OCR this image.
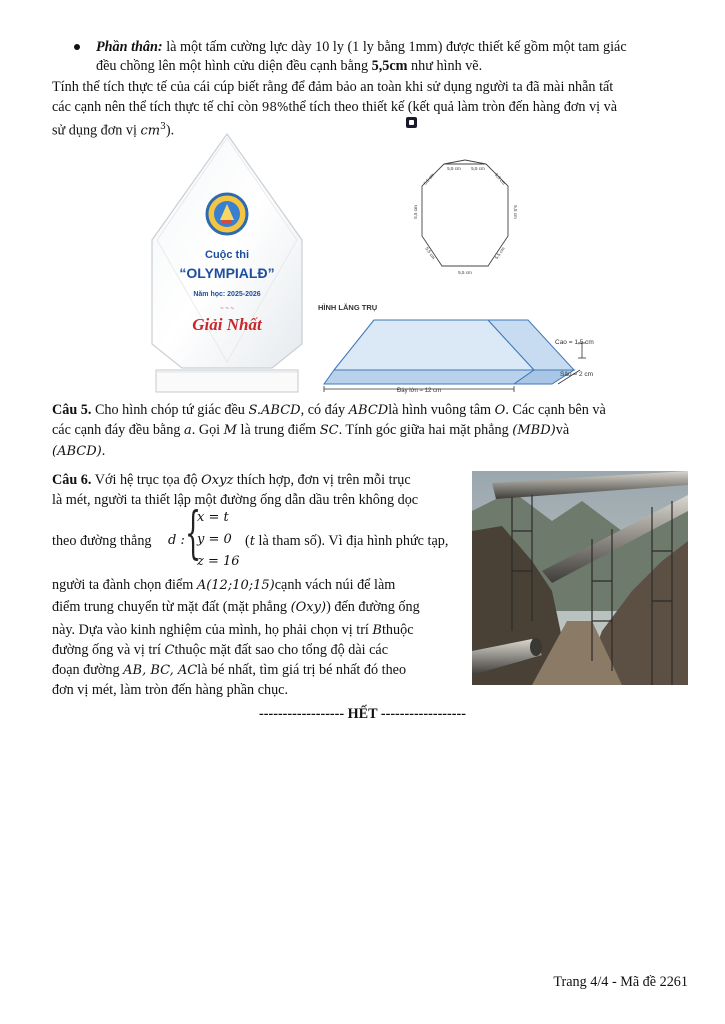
Phần thân: là một tấm cường lực dày 10 ly (1 ly bằng 1mm) được thiết kế gồm một tam giác
đều chồng lên một hình cửu diện đều cạnh bằng 5,5cm như hình vẽ.
Tính thể tích thực tế của cái cúp biết rằng để đảm bảo an toàn khi sử dụng người ta đã mài nhẵn tất
các cạnh nên thể tích thực tế chỉ còn 98%thể tích theo thiết kế (kết quả làm tròn đến hàng đơn vị và
sử dụng đơn vị $cm^3$).
Cuộc thi
“OLYMPIALĐ”
Năm học: 2025-2026
~ ~ ~
Giải Nhất
5,5 cm 5,5 cm
5,5 cm
5,5 cm
5,5 cm
5,5 cm
5,5 cm
5,5 cm
5,5 cm
HÌNH LĂNG TRỤ
Cao = 1,5 cm
Sâu = 2 cm
Đáy lớn = 12 cm
Câu 5. Cho hình chóp tứ giác đều S.ABCD, có đáy ABCDlà hình vuông tâm O. Các cạnh bên và
các cạnh đáy đều bằng a. Gọi M là trung điểm SC. Tính góc giữa hai mặt phẳng (MBD)và
(ABCD).
Câu 6. Với hệ trục tọa độ Oxyz thích hợp, đơn vị trên mỗi trục
là mét, người ta thiết lập một đường ống dẫn dầu trên không dọc
theo đường thẳng d : {
x = t
y = 0
z = 16
(t là tham số). Vì địa hình phức tạp,
người ta đành chọn điểm A(12;10;15)cạnh vách núi để làm
điểm trung chuyển từ mặt đất (mặt phẳng (Oxy)) đến đường ống
này. Dựa vào kinh nghiệm của mình, họ phải chọn vị trí Bthuộc
đường ống và vị trí Cthuộc mặt đất sao cho tổng độ dài các
đoạn đường AB, BC, AClà bé nhất, tìm giá trị bé nhất đó theo
đơn vị mét, làm tròn đến hàng phần chục.
------------------ HẾT ------------------
Trang 4/4 - Mã đề 2261
